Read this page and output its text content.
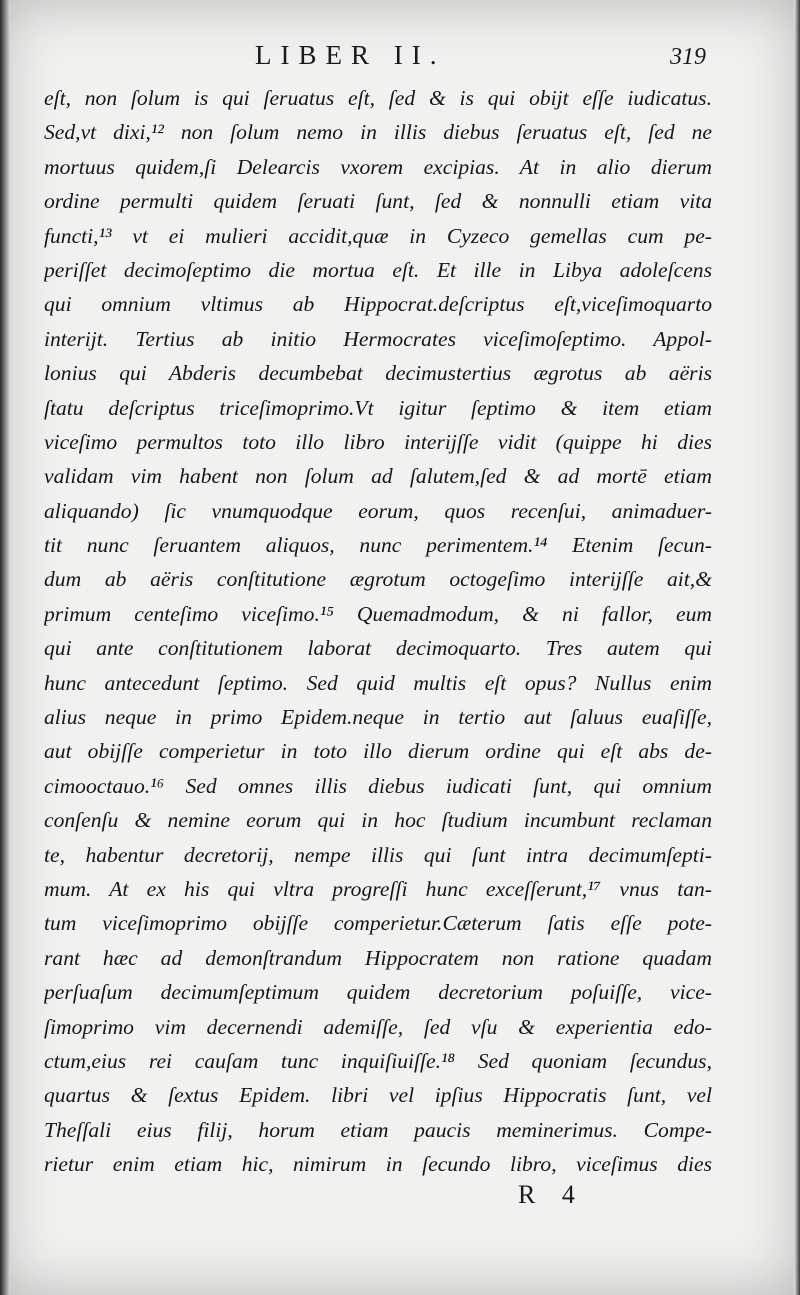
LIBER II.	319
eſt, non ſolum is qui ſeruatus eſt, ſed & is qui obijt eſſe iudicatus.
Sed,vt dixi,¹² non ſolum nemo in illis diebus ſeruatus eſt, ſed ne
mortuus quidem,ſi Delearcis vxorem excipias. At in alio dierum
ordine permulti quidem ſeruati ſunt, ſed & nonnulli etiam vita
functi,¹³ vt ei mulieri accidit,quæ in Cyzeco gemellas cum pe-
periſſet decimoſeptimo die mortua eſt. Et ille in Libya adoleſcens
qui omnium vltimus ab Hippocrat.deſcriptus eſt,viceſimoquarto
interijt. Tertius ab initio Hermocrates viceſimoſeptimo. Appol-
lonius qui Abderis decumbebat decimustertius ægrotus ab aëris
ſtatu deſcriptus triceſimoprimo.Vt igitur ſeptimo & item etiam
viceſimo permultos toto illo libro interijſſe vidit (quippe hi dies
validam vim habent non ſolum ad ſalutem,ſed & ad mortē etiam
aliquando) ſic vnumquodque eorum, quos recenſui, animaduer-
tit nunc ſeruantem aliquos, nunc perimentem.¹⁴ Etenim ſecun-
dum ab aëris conſtitutione ægrotum octogeſimo interijſſe ait,&
primum centeſimo viceſimo.¹⁵ Quemadmodum, & ni fallor, eum
qui ante conſtitutionem laborat decimoquarto. Tres autem qui
hunc antecedunt ſeptimo. Sed quid multis eſt opus? Nullus enim
alius neque in primo Epidem.neque in tertio aut ſaluus euaſiſſe,
aut obijſſe comperietur in toto illo dierum ordine qui eſt abs de-
cimooctauo.¹⁶ Sed omnes illis diebus iudicati ſunt, qui omnium
conſenſu & nemine eorum qui in hoc ſtudium incumbunt reclaman
te, habentur decretorij, nempe illis qui ſunt intra decimumſepti-
mum. At ex his qui vltra progreſſi hunc exceſſerunt,¹⁷ vnus tan-
tum viceſimoprimo obijſſe comperietur.Cæterum ſatis eſſe pote-
rant hæc ad demonſtrandum Hippocratem non ratione quadam
perſuaſum decimumſeptimum quidem decretorium poſuiſſe, vice-
ſimoprimo vim decernendi ademiſſe, ſed vſu & experientia edo-
ctum,eius rei cauſam tunc inquiſiuiſſe.¹⁸ Sed quoniam ſecundus,
quartus & ſextus Epidem. libri vel ipſius Hippocratis ſunt, vel
Theſſali eius filij, horum etiam paucis meminerimus. Compe-
rietur enim etiam hic, nimirum in ſecundo libro, viceſimus dies
R 4
